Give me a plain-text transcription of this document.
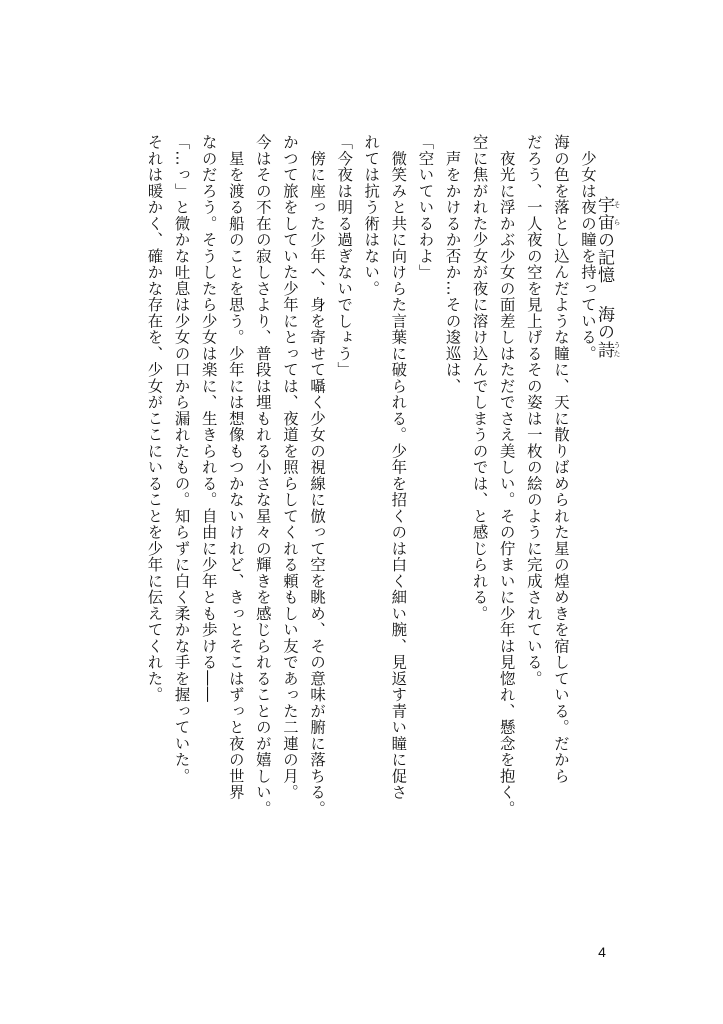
宇宙 そらの記憶海の詩 うた

　少女は夜の瞳を持っている。

海の色を落とし込んだような瞳に、天に散りばめられた星の煌めきを宿している。だから

だろう、一人夜の空を見上げるその姿は一枚の絵のように完成されている。

　夜光に浮かぶ少女の面差しはただでさえ美しい。その佇まいに少年は見惚れ、懸念を抱く。

空に焦がれた少女が夜に溶け込んでしまうのでは、と感じられる。

　声をかけるか否か…その逡巡は、

「空いているわよ」

　微笑みと共に向けらた言葉に破られる。少年を招くのは白く細い腕、見返す青い瞳に促さ

れては抗う術はない。

「今夜は明る過ぎないでしょう」

　傍に座った少年へ、身を寄せて囁く少女の視線に倣って空を眺め、その意味が腑に落ちる。

かつて旅をしていた少年にとっては、夜道を照らしてくれる頼もしい友であった二連の月。

今はその不在の寂しさより、普段は埋もれる小さな星々の輝きを感じられることのが嬉しい。

　星を渡る船のことを思う。少年には想像もつかないけれど、きっとそこはずっと夜の世界

なのだろう。そうしたら少女は楽に、生きられる。自由に少年とも歩ける――

「…っ」と微かな吐息は少女の口から漏れたもの。知らずに白く柔かな手を握っていた。

それは暖かく、確かな存在を、少女がここにいることを少年に伝えてくれた。

4
